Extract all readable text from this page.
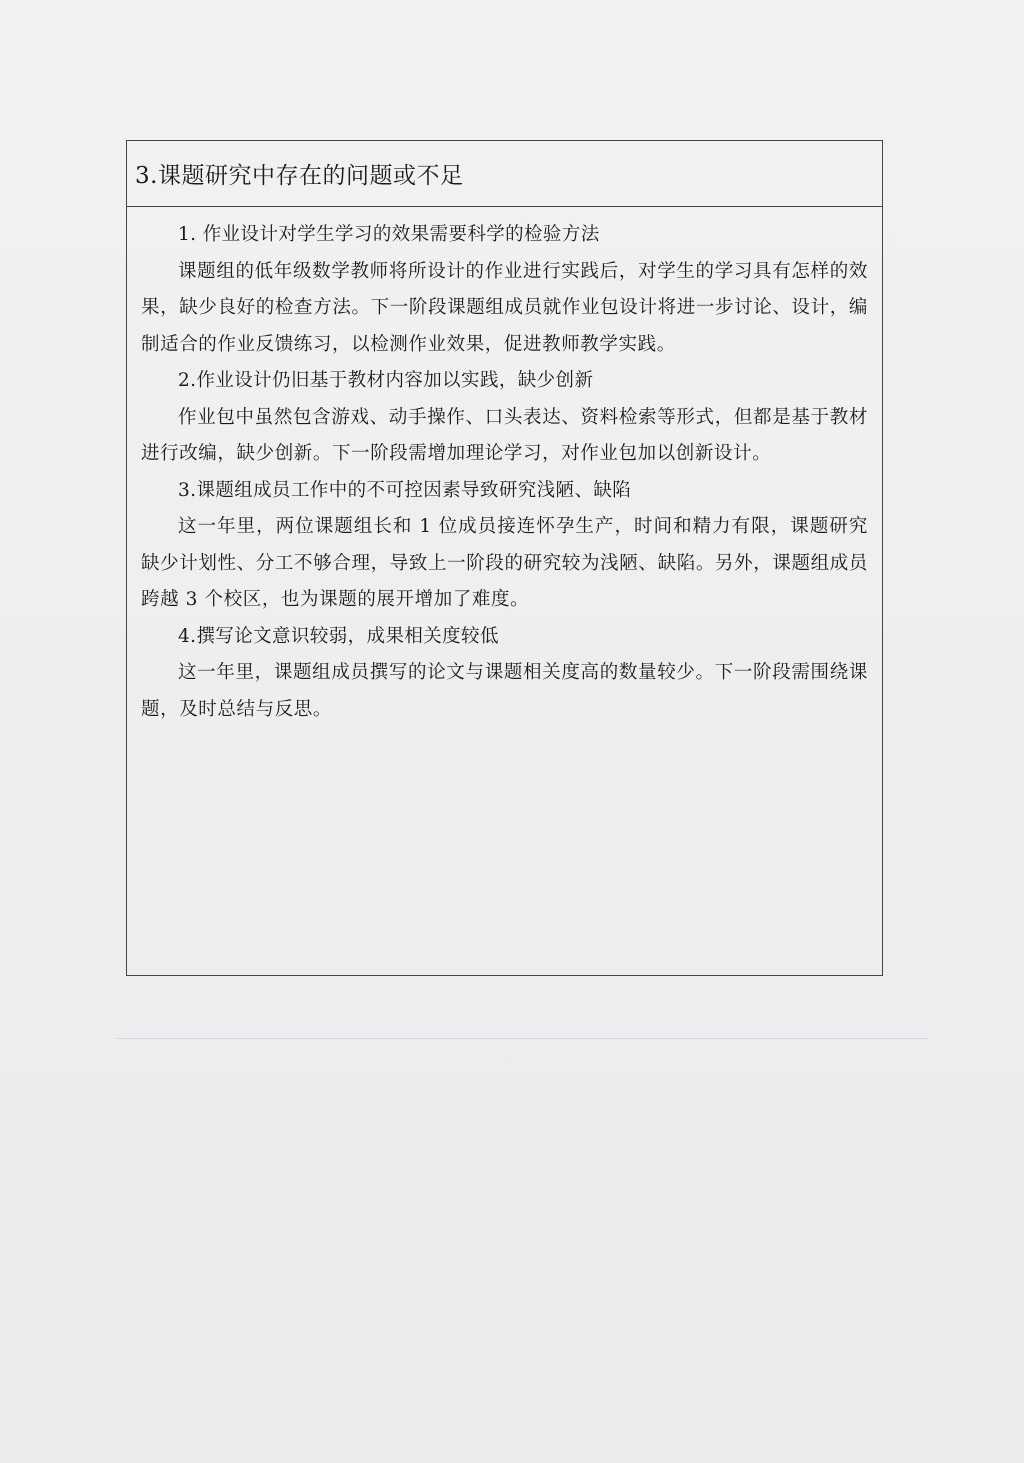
3.课题研究中存在的问题或不足

1. 作业设计对学生学习的效果需要科学的检验方法

课题组的低年级数学教师将所设计的作业进行实践后，对学生的学习具有怎样的效果，缺少良好的检查方法。下一阶段课题组成员就作业包设计将进一步讨论、设计，编制适合的作业反馈练习，以检测作业效果，促进教师教学实践。

2.作业设计仍旧基于教材内容加以实践，缺少创新

作业包中虽然包含游戏、动手操作、口头表达、资料检索等形式，但都是基于教材进行改编，缺少创新。下一阶段需增加理论学习，对作业包加以创新设计。

3.课题组成员工作中的不可控因素导致研究浅陋、缺陷

这一年里，两位课题组长和 1 位成员接连怀孕生产，时间和精力有限，课题研究缺少计划性、分工不够合理，导致上一阶段的研究较为浅陋、缺陷。另外，课题组成员跨越 3 个校区，也为课题的展开增加了难度。

4.撰写论文意识较弱，成果相关度较低

这一年里，课题组成员撰写的论文与课题相关度高的数量较少。下一阶段需围绕课题，及时总结与反思。
